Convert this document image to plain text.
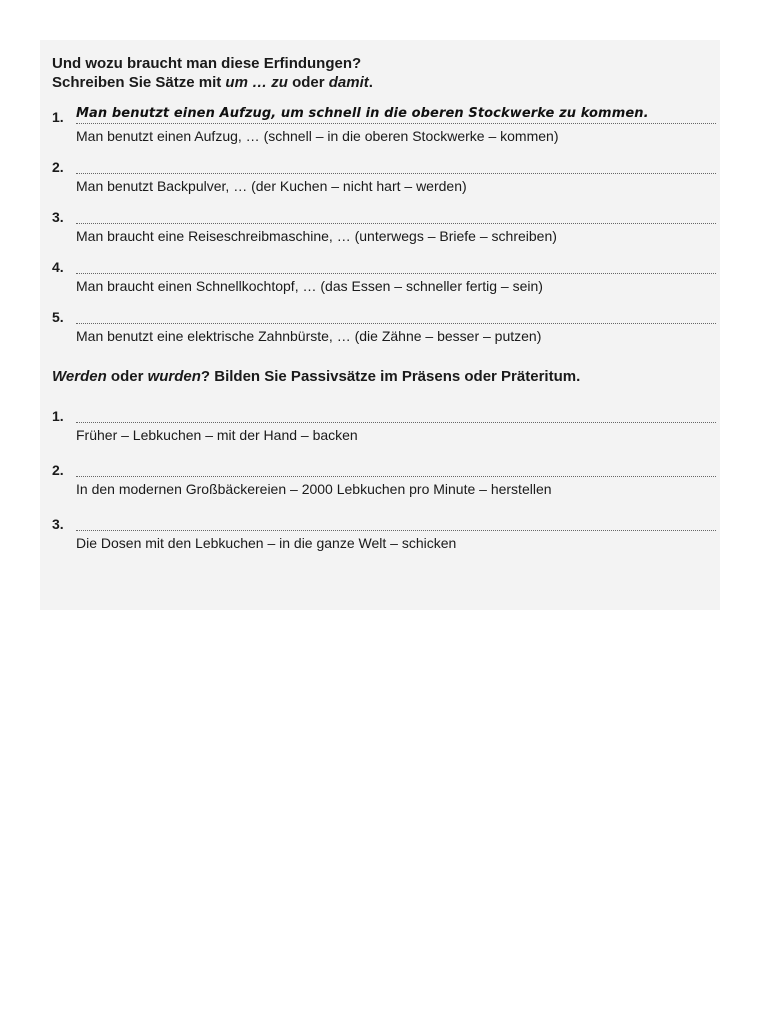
Und wozu braucht man diese Erfindungen?

Schreiben Sie Sätze mit um … zu oder damit.

1. Man benutzt einen Aufzug, um schnell in die oberen Stockwerke zu kommen.
Man benutzt einen Aufzug, … (schnell – in die oberen Stockwerke – kommen)
2.
Man benutzt Backpulver, … (der Kuchen – nicht hart – werden)
3.
Man braucht eine Reiseschreibmaschine, … (unterwegs – Briefe – schreiben)
4.
Man braucht einen Schnellkochtopf, … (das Essen – schneller fertig – sein)
5.
Man benutzt eine elektrische Zahnbürste, … (die Zähne – besser – putzen)

Werden oder wurden? Bilden Sie Passivsätze im Präsens oder Präteritum.

1.
Früher – Lebkuchen – mit der Hand – backen
2.
In den modernen Großbäckereien – 2000 Lebkuchen pro Minute – herstellen
3.
Die Dosen mit den Lebkuchen – in die ganze Welt – schicken
